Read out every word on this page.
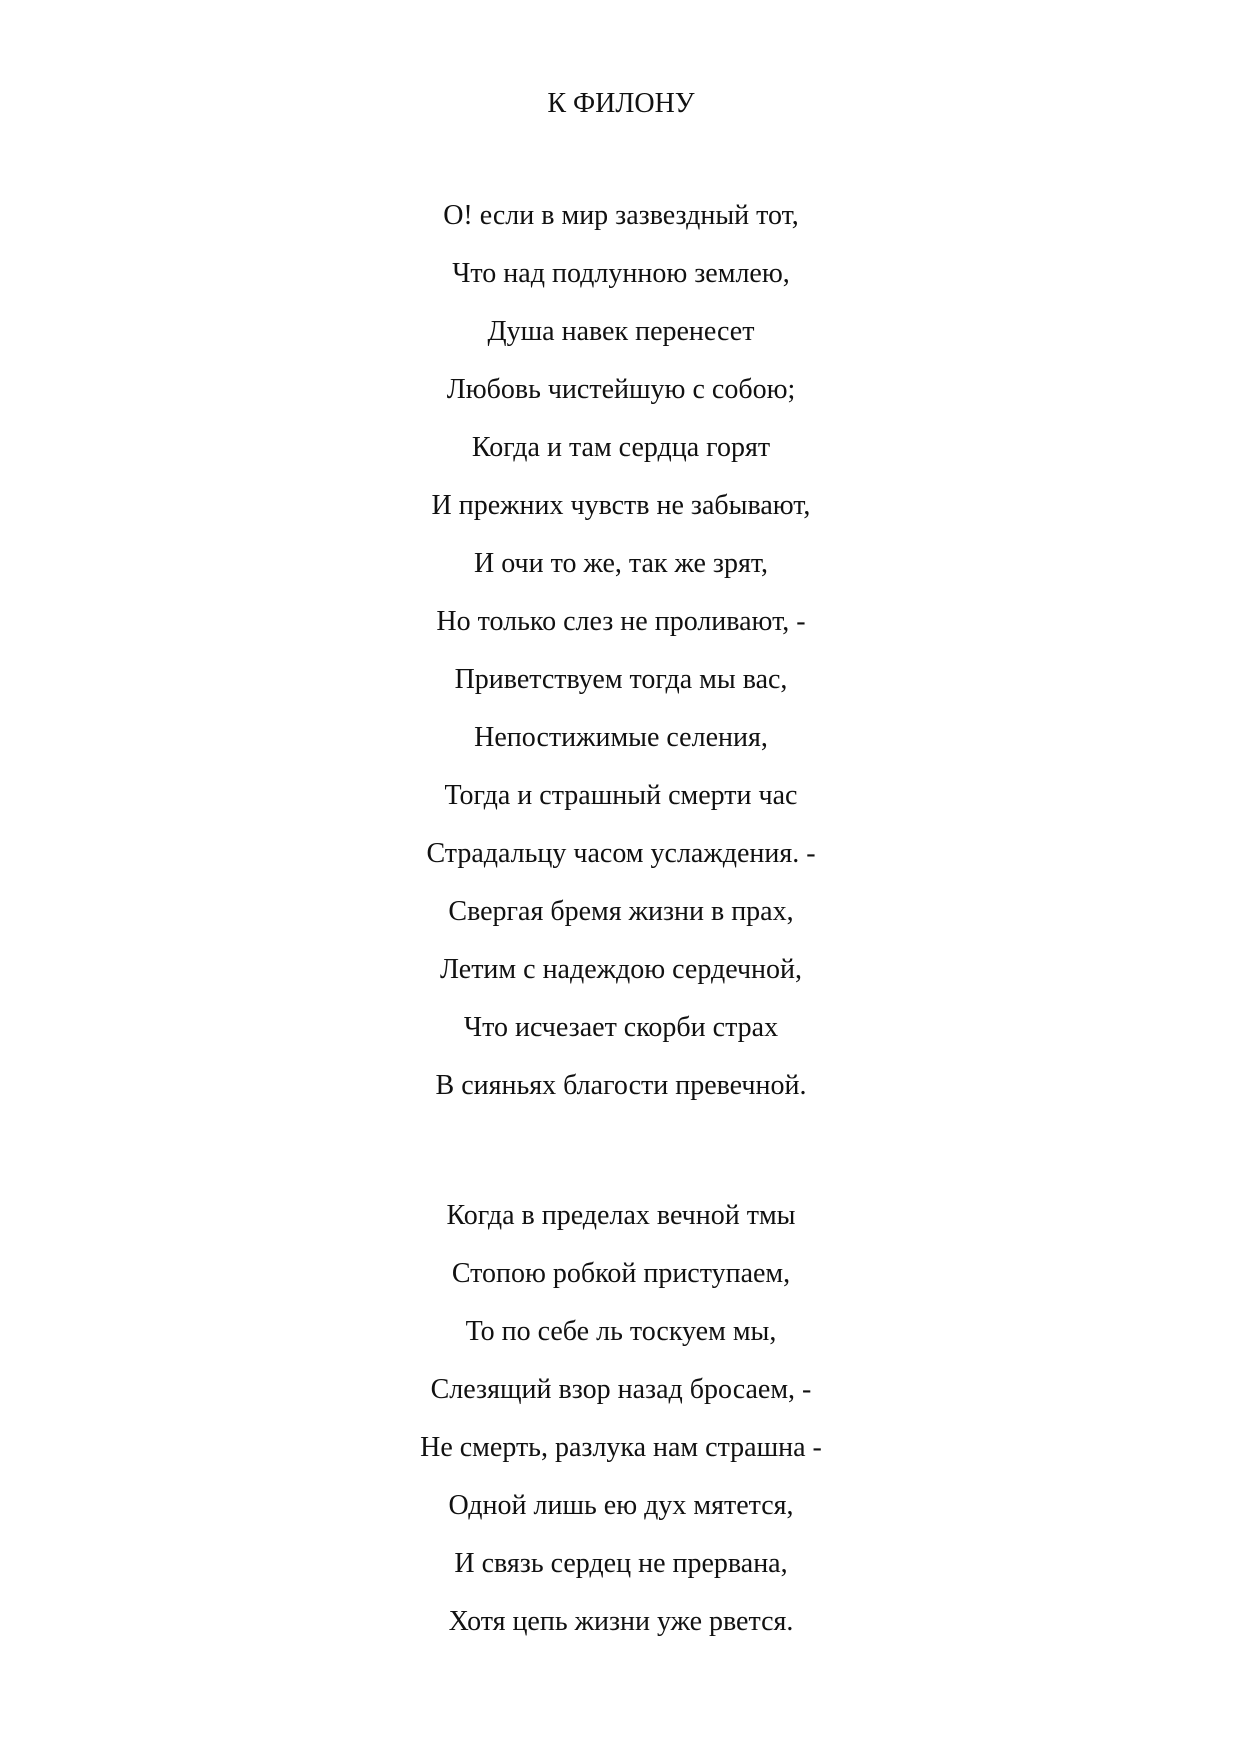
К ФИЛОНУ
О! если в мир зазвездный тот,
Что над подлунною землею,
Душа навек перенесет
Любовь чистейшую с собою;
Когда и там сердца горят
И прежних чувств не забывают,
И очи то же, так же зрят,
Но только слез не проливают, -
Приветствуем тогда мы вас,
Непостижимые селения,
Тогда и страшный смерти час
Страдальцу часом услаждения. -
Свергая бремя жизни в прах,
Летим с надеждою сердечной,
Что исчезает скорби страх
В сияньях благости превечной.
Когда в пределах вечной тмы
Стопою робкой приступаем,
То по себе ль тоскуем мы,
Слезящий взор назад бросаем, -
Не смерть, разлука нам страшна -
Одной лишь ею дух мятется,
И связь сердец не прервана,
Хотя цепь жизни уже рвется.
